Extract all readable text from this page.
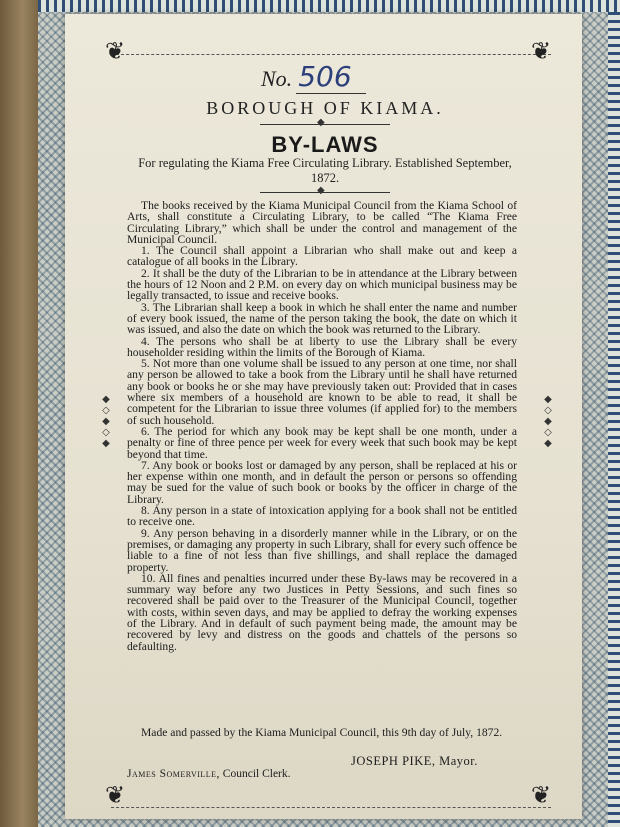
❦	❦
❦	❦
◆
◇
◆
◇
◆
◆
◇
◆
◇
◆
No. 506
BOROUGH OF KIAMA.
◆
BY-LAWS
For regulating the Kiama Free Circulating Library. Established September, 1872.
◆

The books received by the Kiama Municipal Council from the Kiama School of Arts, shall constitute a Circulating Library, to be called “The Kiama Free Circulating Library,” which shall be under the control and management of the Municipal Council.

1. The Council shall appoint a Librarian who shall make out and keep a catalogue of all books in the Library.

2. It shall be the duty of the Librarian to be in attendance at the Library between the hours of 12 Noon and 2 P.M. on every day on which municipal business may be legally transacted, to issue and receive books.

3. The Librarian shall keep a book in which he shall enter the name and number of every book issued, the name of the person taking the book, the date on which it was issued, and also the date on which the book was returned to the Library.

4. The persons who shall be at liberty to use the Library shall be every householder residing within the limits of the Borough of Kiama.

5. Not more than one volume shall be issued to any person at one time, nor shall any person be allowed to take a book from the Library until he shall have returned any book or books he or she may have previously taken out: Provided that in cases where six members of a household are known to be able to read, it shall be competent for the Librarian to issue three volumes (if applied for) to the members of such household.

6. The period for which any book may be kept shall be one month, under a penalty or fine of three pence per week for every week that such book may be kept beyond that time.

7. Any book or books lost or damaged by any person, shall be replaced at his or her expense within one month, and in default the person or persons so offending may be sued for the value of such book or books by the officer in charge of the Library.

8. Any person in a state of intoxication applying for a book shall not be entitled to receive one.

9. Any person behaving in a disorderly manner while in the Library, or on the premises, or damaging any property in such Library, shall for every such offence be liable to a fine of not less than five shillings, and shall replace the damaged property.

10. All fines and penalties incurred under these By-laws may be recovered in a summary way before any two Justices in Petty Sessions, and such fines so recovered shall be paid over to the Treasurer of the Municipal Council, together with costs, within seven days, and may be applied to defray the working expenses of the Library. And in default of such payment being made, the amount may be recovered by levy and distress on the goods and chattels of the persons so defaulting.

Made and passed by the Kiama Municipal Council, this 9th day of July, 1872.

JOSEPH PIKE, Mayor.
James Somerville, Council Clerk.
